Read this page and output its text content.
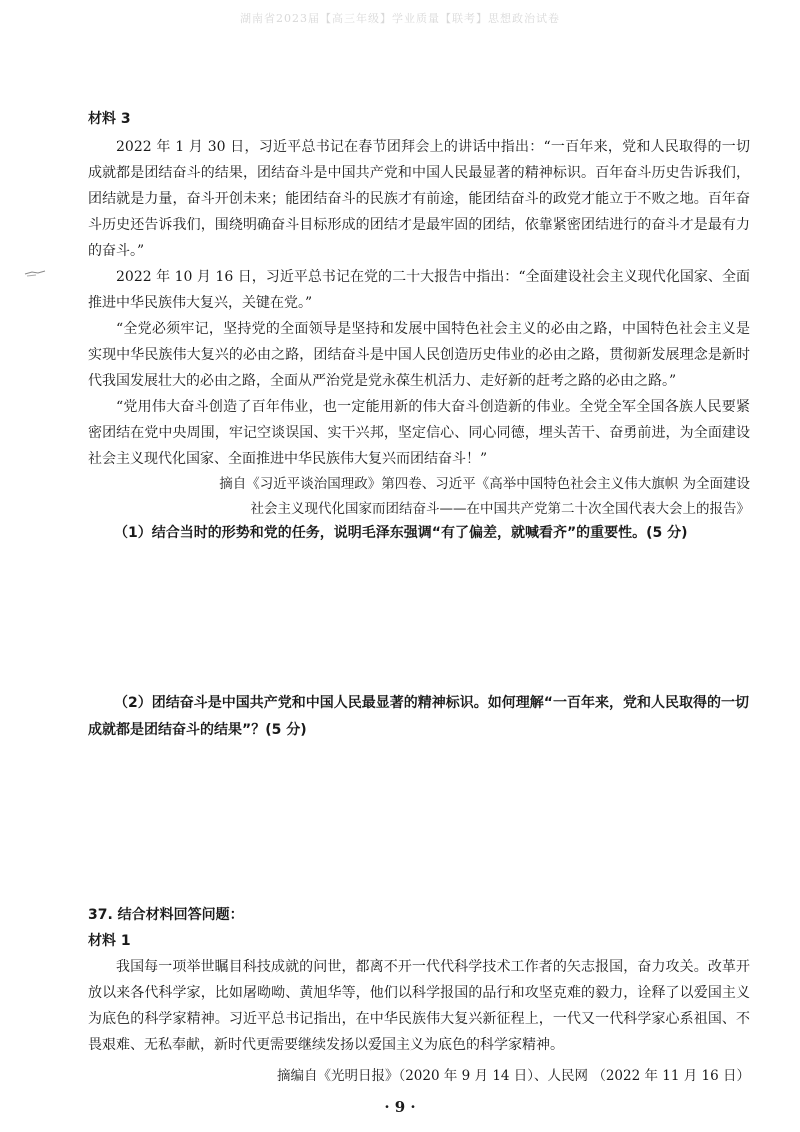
湖南省2023届【高三年级】学业质量【联考】思想政治试卷
材料 3

2022 年 1 月 30 日，习近平总书记在春节团拜会上的讲话中指出：“一百年来，党和人民取得的一切成就都是团结奋斗的结果，团结奋斗是中国共产党和中国人民最显著的精神标识。百年奋斗历史告诉我们，团结就是力量，奋斗开创未来；能团结奋斗的民族才有前途，能团结奋斗的政党才能立于不败之地。百年奋斗历史还告诉我们，围绕明确奋斗目标形成的团结才是最牢固的团结，依靠紧密团结进行的奋斗才是最有力的奋斗。”

2022 年 10 月 16 日，习近平总书记在党的二十大报告中指出：“全面建设社会主义现代化国家、全面推进中华民族伟大复兴，关键在党。”

“全党必须牢记，坚持党的全面领导是坚持和发展中国特色社会主义的必由之路，中国特色社会主义是实现中华民族伟大复兴的必由之路，团结奋斗是中国人民创造历史伟业的必由之路，贯彻新发展理念是新时代我国发展壮大的必由之路，全面从严治党是党永葆生机活力、走好新的赶考之路的必由之路。”

“党用伟大奋斗创造了百年伟业，也一定能用新的伟大奋斗创造新的伟业。全党全军全国各族人民要紧密团结在党中央周围，牢记空谈误国、实干兴邦，坚定信心、同心同德，埋头苦干、奋勇前进，为全面建设社会主义现代化国家、全面推进中华民族伟大复兴而团结奋斗！”

摘自《习近平谈治国理政》第四卷、习近平《高举中国特色社会主义伟大旗帜 为全面建设

社会主义现代化国家而团结奋斗——在中国共产党第二十次全国代表大会上的报告》

（1）结合当时的形势和党的任务，说明毛泽东强调“有了偏差，就喊看齐”的重要性。(5 分)

（2）团结奋斗是中国共产党和中国人民最显著的精神标识。如何理解“一百年来，党和人民取得的一切成就都是团结奋斗的结果”？(5 分)

37. 结合材料回答问题：
材料 1

我国每一项举世瞩目科技成就的问世，都离不开一代代科学技术工作者的矢志报国，奋力攻关。改革开放以来各代科学家，比如屠呦呦、黄旭华等，他们以科学报国的品行和攻坚克难的毅力，诠释了以爱国主义为底色的科学家精神。习近平总书记指出，在中华民族伟大复兴新征程上，一代又一代科学家心系祖国、不畏艰难、无私奉献，新时代更需要继续发扬以爱国主义为底色的科学家精神。

摘编自《光明日报》（2020 年 9 月 14 日）、人民网 （2022 年 11 月 16 日）

· 9 ·
